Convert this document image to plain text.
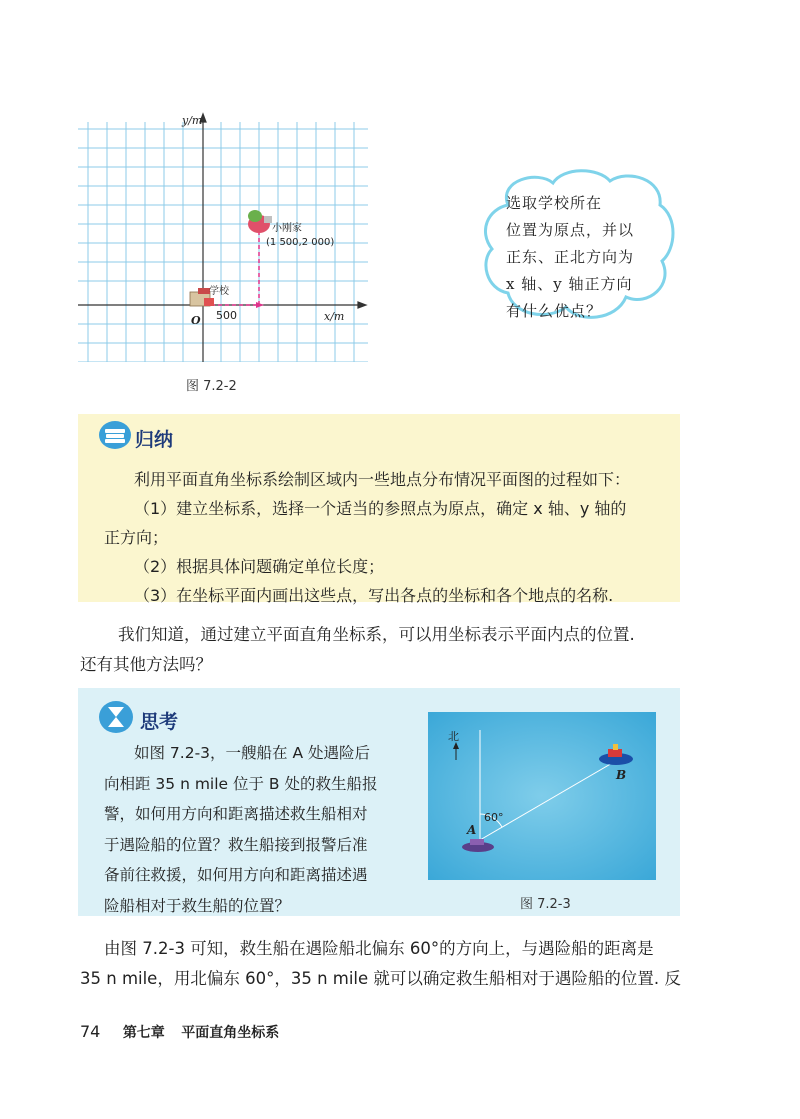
y/m
x/m
O 500
学校
小刚家
(1 500,2 000)
图 7.2-2
选取学校所在
位置为原点，并以
正东、正北方向为
x 轴、y 轴正方向
有什么优点？
归纳

利用平面直角坐标系绘制区域内一些地点分布情况平面图的过程如下：

（1）建立坐标系，选择一个适当的参照点为原点，确定 x 轴、y 轴的

正方向；

（2）根据具体问题确定单位长度；

（3）在坐标平面内画出这些点，写出各点的坐标和各个地点的名称.

我们知道，通过建立平面直角坐标系，可以用坐标表示平面内点的位置.
还有其他方法吗？
思考
如图 7.2-3，一艘船在 A 处遇险后
向相距 35 n mile 位于 B 处的救生船报
警，如何用方向和距离描述救生船相对
于遇险船的位置？救生船接到报警后准
备前往救援，如何用方向和距离描述遇
险船相对于救生船的位置？
北
60°
A
B
图 7.2-3
由图 7.2-3 可知，救生船在遇险船北偏东 60°的方向上，与遇险船的距离是
35 n mile，用北偏东 60°，35 n mile 就可以确定救生船相对于遇险船的位置. 反
74 第七章 平面直角坐标系
